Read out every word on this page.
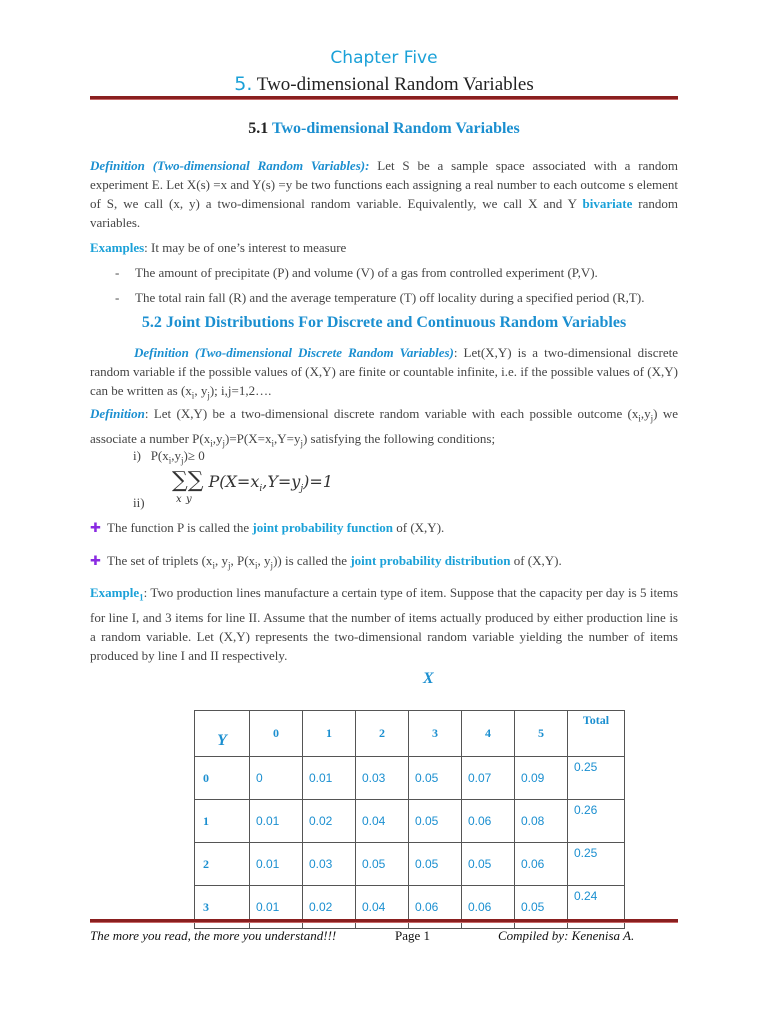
Chapter Five
5. Two-dimensional Random Variables
5.1 Two-dimensional Random Variables
Definition (Two-dimensional Random Variables): Let S be a sample space associated with a random experiment E. Let X(s) =x and Y(s) =y be two functions each assigning a real number to each outcome s element of S, we call (x, y) a two-dimensional random variable. Equivalently, we call X and Y bivariate random variables.
Examples: It may be of one’s interest to measure
- The amount of precipitate (P) and volume (V) of a gas from controlled experiment (P,V).
- The total rain fall (R) and the average temperature (T) off locality during a specified period (R,T).
5.2 Joint Distributions For Discrete and Continuous Random Variables
Definition (Two-dimensional Discrete Random Variables): Let(X,Y) is a two-dimensional discrete random variable if the possible values of (X,Y) are finite or countable infinite, i.e. if the possible values of (X,Y) can be written as ($x_i$, $y_j$); i,j=1,2….
Definition: Let (X,Y) be a two-dimensional discrete random variable with each possible outcome $(x_i,y_j)$ we associate a number $P(x_i,y_j)=P(X=x_i,Y=y_j)$ satisfying the following conditions;
i) $P(x_i,y_j)\ge 0$
ii)
∑∑ $P(X=x_i,Y=y_j)=1$
x y
✚ The function P is called the joint probability function of (X,Y).
✚ The set of triplets ($x_i$, $y_j$, $P(x_i$, $y_j$)) is called the joint probability distribution of (X,Y).
Example$_1$: Two production lines manufacture a certain type of item. Suppose that the capacity per day is 5 items for line I, and 3 items for line II. Assume that the number of items actually produced by either production line is a random variable. Let (X,Y) represents the two-dimensional random variable yielding the number of items produced by line I and II respectively.
X
Y	0	1	2	3	4	5	Total
0	0	0.01	0.03	0.05	0.07	0.09	0.25
1	0.01	0.02	0.04	0.05	0.06	0.08	0.26
2	0.01	0.03	0.05	0.05	0.05	0.06	0.25
3	0.01	0.02	0.04	0.06	0.06	0.05	0.24
The more you read, the more you understand!!!	Page 1	Compiled by: Kenenisa A.
